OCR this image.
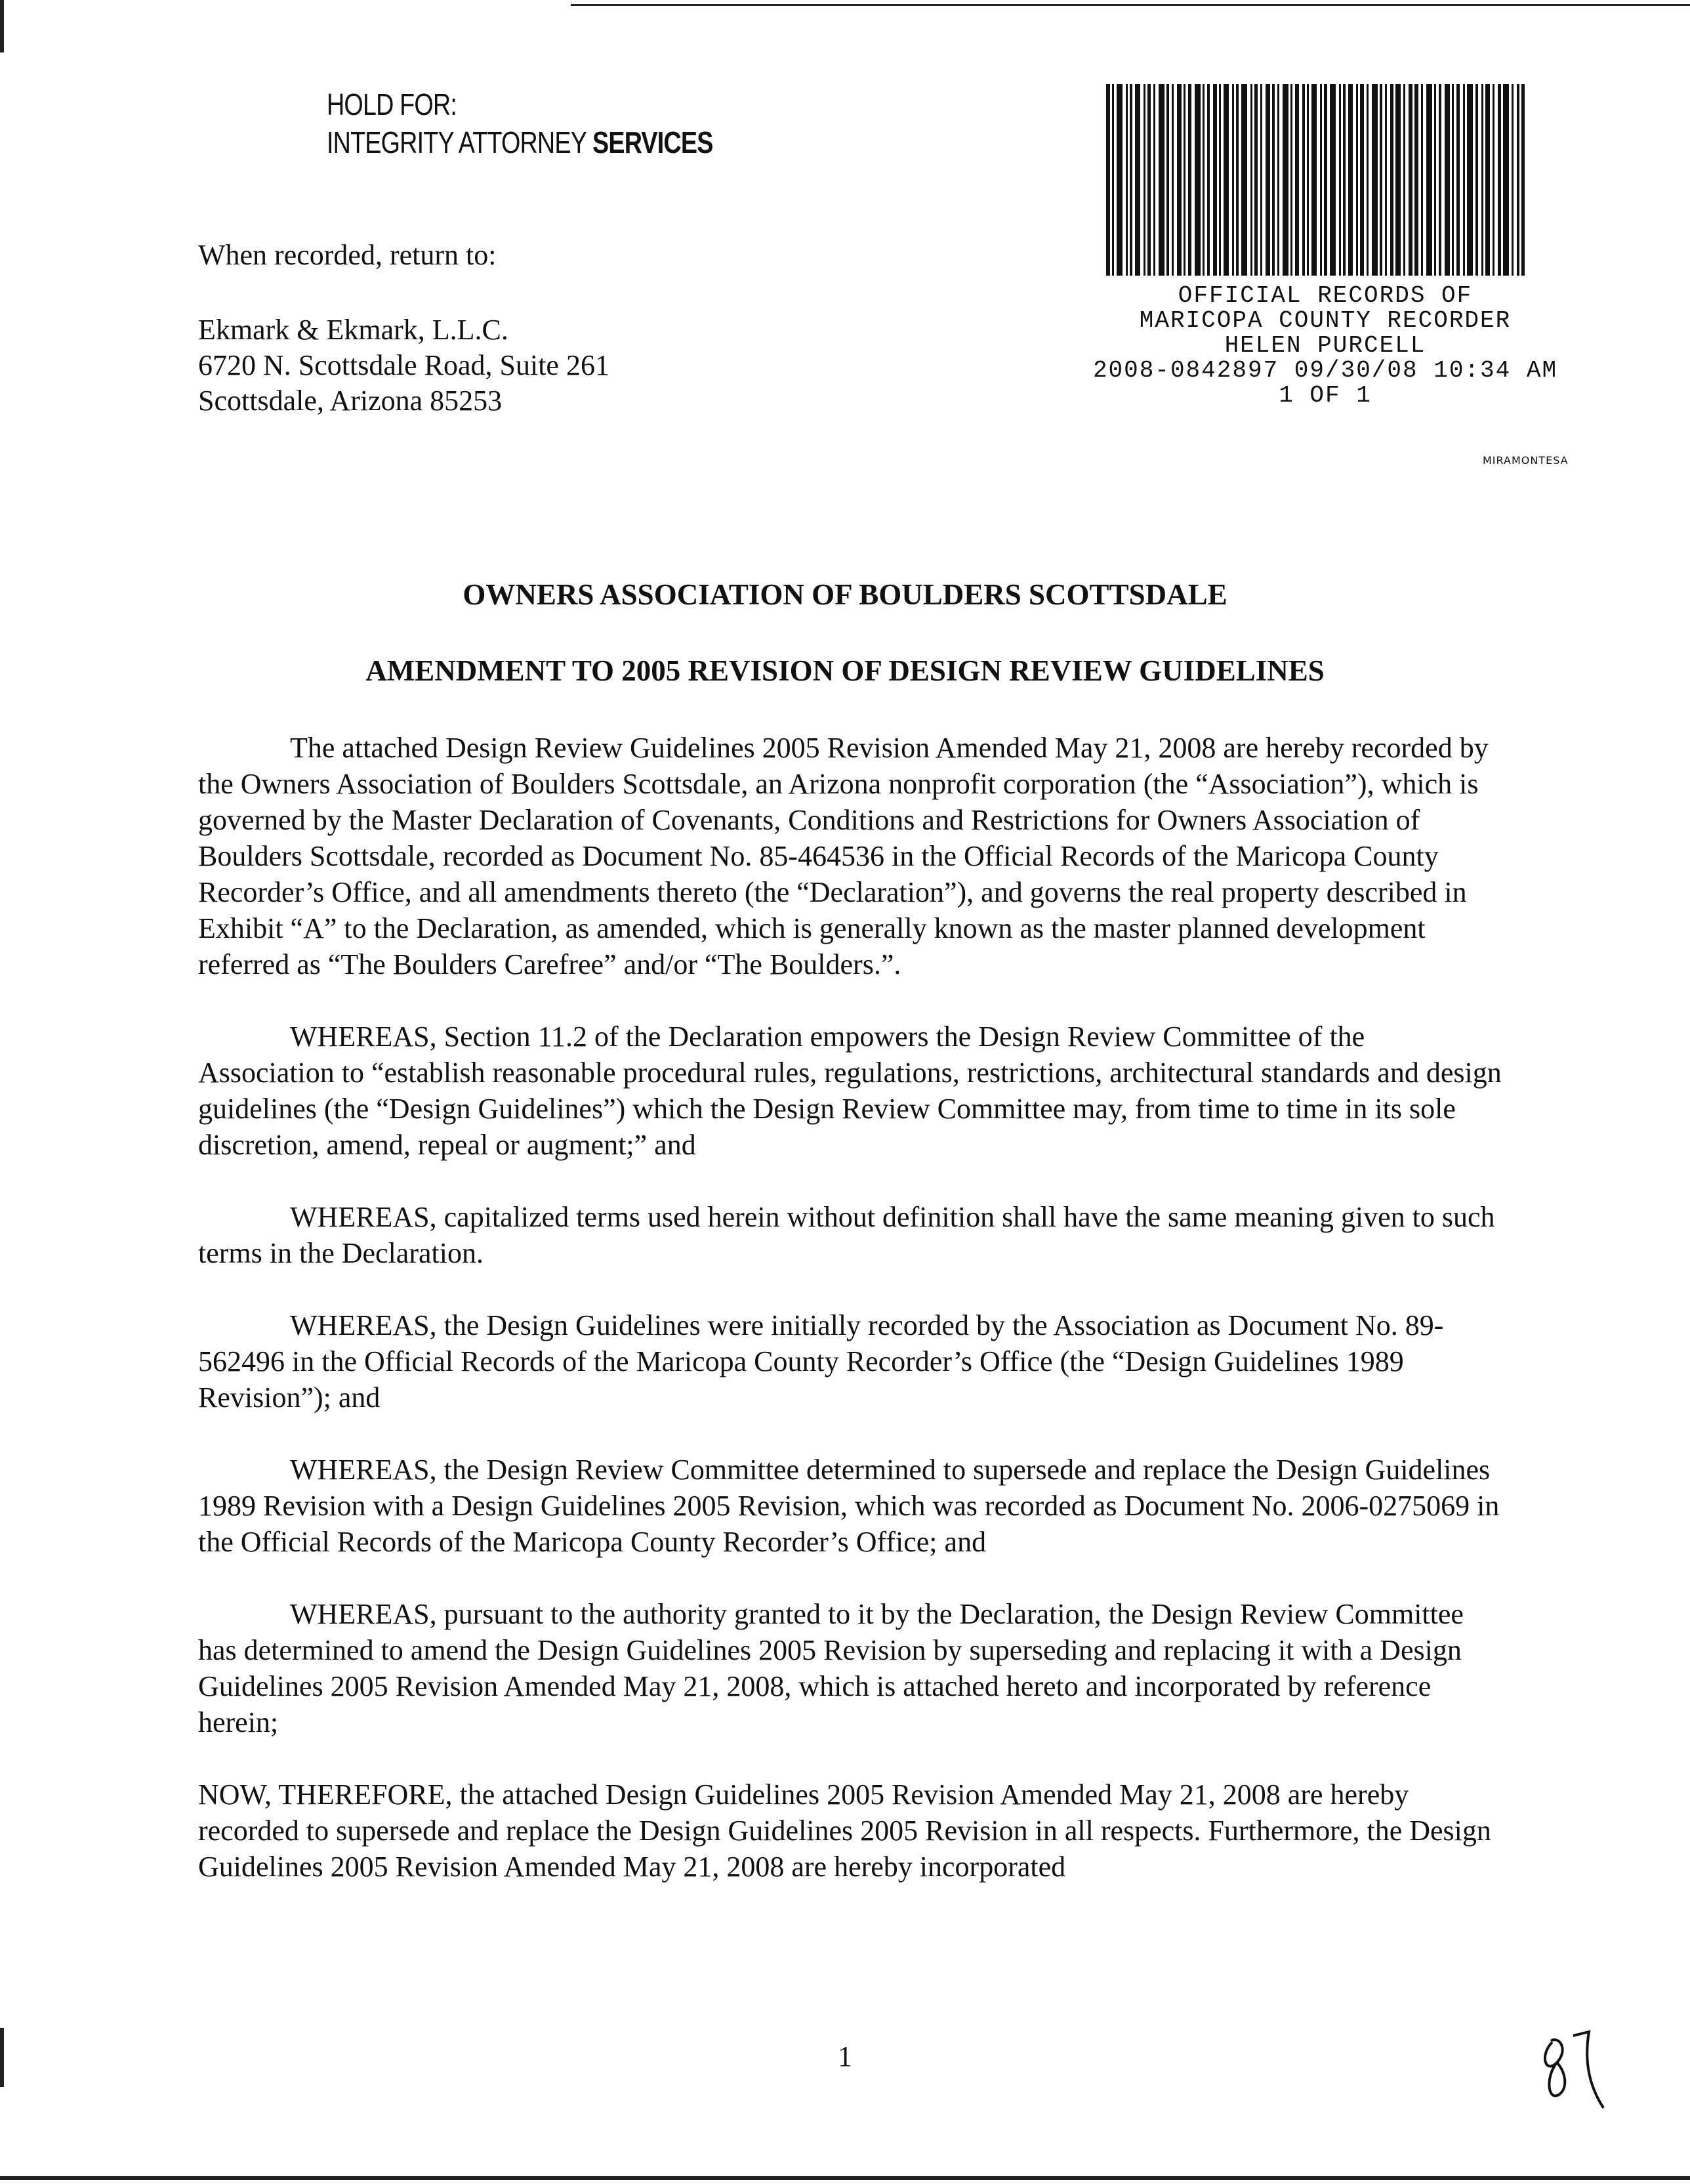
HOLD FOR:
INTEGRITY ATTORNEY SERVICES
When recorded, return to:
Ekmark & Ekmark, L.L.C.
6720 N. Scottsdale Road, Suite 261
Scottsdale, Arizona 85253
OFFICIAL RECORDS OF
MARICOPA COUNTY RECORDER
HELEN PURCELL
2008-0842897 09/30/08 10:34 AM
1 OF 1
MIRAMONTESA
OWNERS ASSOCIATION OF BOULDERS SCOTTSDALE
AMENDMENT TO 2005 REVISION OF DESIGN REVIEW GUIDELINES

The attached Design Review Guidelines 2005 Revision Amended May 21, 2008 are hereby recorded by the Owners Association of Boulders Scottsdale, an Arizona nonprofit corporation (the “Association”), which is governed by the Master Declaration of Covenants, Conditions and Restrictions for Owners Association of Boulders Scottsdale, recorded as Document No. 85-464536 in the Official Records of the Maricopa County Recorder’s Office, and all amendments thereto (the “Declaration”), and governs the real property described in Exhibit “A” to the Declaration, as amended, which is generally known as the master planned development referred as “The Boulders Carefree” and/or “The Boulders.”.

WHEREAS, Section 11.2 of the Declaration empowers the Design Review Committee of the Association to “establish reasonable procedural rules, regulations, restrictions, architectural standards and design guidelines (the “Design Guidelines”) which the Design Review Committee may, from time to time in its sole discretion, amend, repeal or augment;” and

WHEREAS, capitalized terms used herein without definition shall have the same meaning given to such terms in the Declaration.

WHEREAS, the Design Guidelines were initially recorded by the Association as Document No. 89-562496 in the Official Records of the Maricopa County Recorder’s Office (the “Design Guidelines 1989 Revision”); and

WHEREAS, the Design Review Committee determined to supersede and replace the Design Guidelines 1989 Revision with a Design Guidelines 2005 Revision, which was recorded as Document No. 2006-0275069 in the Official Records of the Maricopa County Recorder’s Office; and

WHEREAS, pursuant to the authority granted to it by the Declaration, the Design Review Committee has determined to amend the Design Guidelines 2005 Revision by superseding and replacing it with a Design Guidelines 2005 Revision Amended May 21, 2008, which is attached hereto and incorporated by reference herein;

NOW, THEREFORE, the attached Design Guidelines 2005 Revision Amended May 21, 2008 are hereby recorded to supersede and replace the Design Guidelines 2005 Revision in all respects. Furthermore, the Design Guidelines 2005 Revision Amended May 21, 2008 are hereby incorporated

1
